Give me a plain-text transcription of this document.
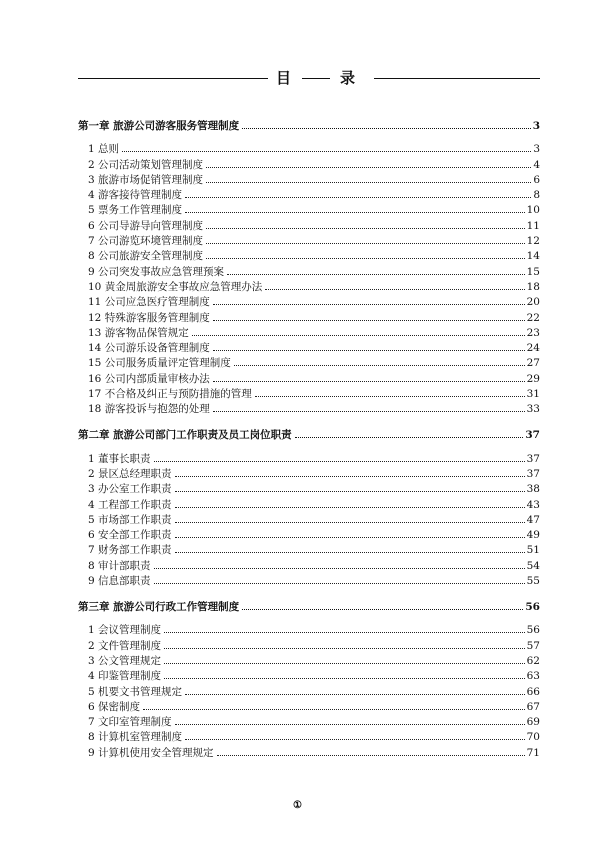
目	录
第一章 旅游公司游客服务管理制度	3
1 总则	3
2 公司活动策划管理制度	4
3 旅游市场促销管理制度	6
4 游客接待管理制度	8
5 票务工作管理制度	10
6 公司导游导向管理制度	11
7 公司游览环境管理制度	12
8 公司旅游安全管理制度	14
9 公司突发事故应急管理预案	15
10 黄金周旅游安全事故应急管理办法	18
11 公司应急医疗管理制度	20
12 特殊游客服务管理制度	22
13 游客物品保管规定	23
14 公司游乐设备管理制度	24
15 公司服务质量评定管理制度	27
16 公司内部质量审核办法	29
17 不合格及纠正与预防措施的管理	31
18 游客投诉与抱怨的处理	33
第二章 旅游公司部门工作职责及员工岗位职责	37
1 董事长职责	37
2 景区总经理职责	37
3 办公室工作职责	38
4 工程部工作职责	43
5 市场部工作职责	47
6 安全部工作职责	49
7 财务部工作职责	51
8 审计部职责	54
9 信息部职责	55
第三章 旅游公司行政工作管理制度	56
1 会议管理制度	56
2 文件管理制度	57
3 公文管理规定	62
4 印鉴管理制度	63
5 机要文书管理规定	66
6 保密制度	67
7 文印室管理制度	69
8 计算机室管理制度	70
9 计算机使用安全管理规定	71
①
